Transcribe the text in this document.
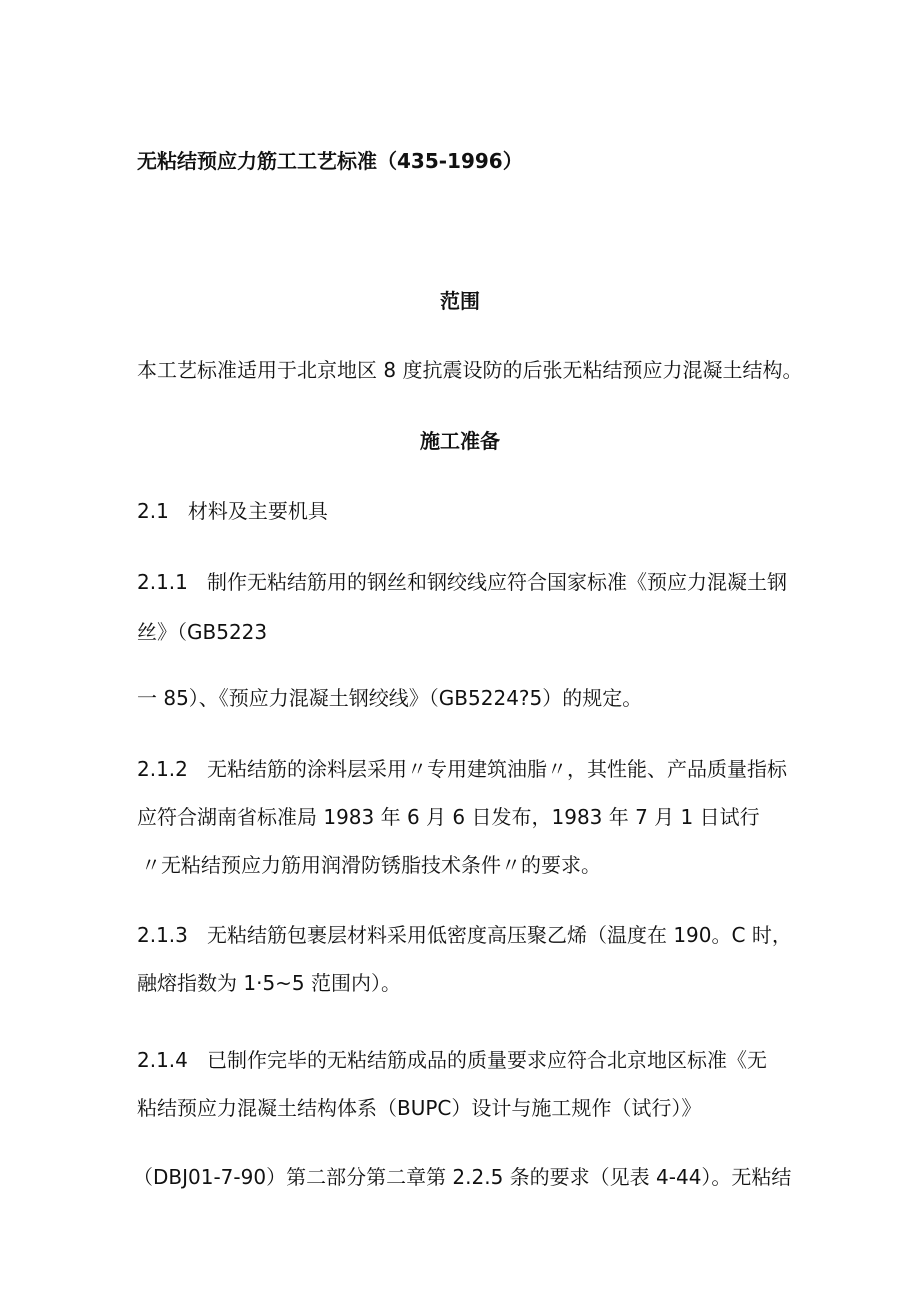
无粘结预应力筋工工艺标准（435-1996）
范围
本工艺标准适用于北京地区 8 度抗震设防的后张无粘结预应力混凝土结构。
施工准备
2.1   材料及主要机具
2.1.1   制作无粘结筋用的钢丝和钢绞线应符合国家标准《预应力混凝土钢
丝》（GB5223
一 85）、《预应力混凝土钢绞线》（GB5224?5）的规定。
2.1.2   无粘结筋的涂料层采用〃专用建筑油脂〃，其性能、产品质量指标
应符合湖南省标准局 1983 年 6 月 6 日发布，1983 年 7 月 1 日试行
〃无粘结预应力筋用润滑防锈脂技术条件〃的要求。
2.1.3   无粘结筋包裹层材料采用低密度高压聚乙烯（温度在 190。C 时，
融熔指数为 1·5~5 范围内）。
2.1.4   已制作完毕的无粘结筋成品的质量要求应符合北京地区标准《无
粘结预应力混凝土结构体系（BUPC）设计与施工规作（试行）》
（DBJ01-7-90）第二部分第二章第 2.2.5 条的要求（见表 4-44）。无粘结
